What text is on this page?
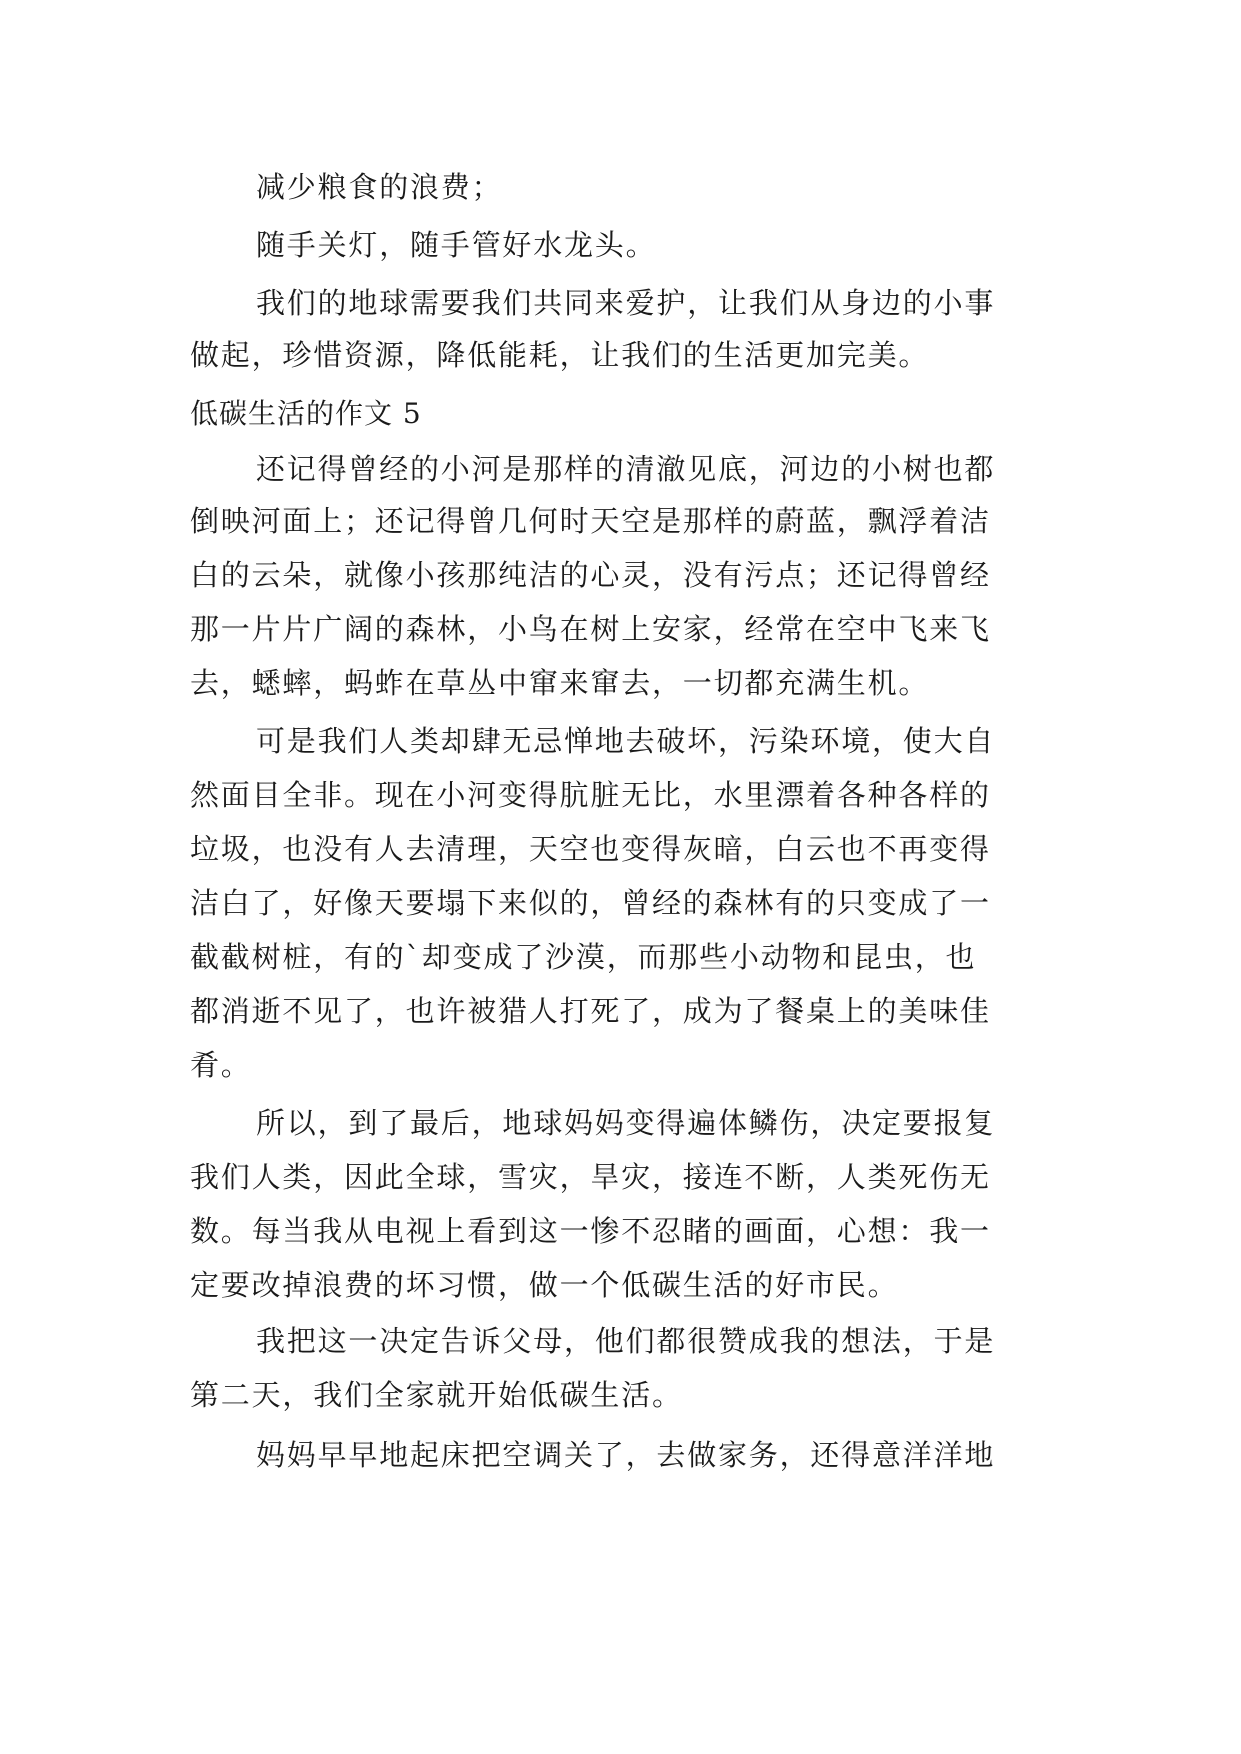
减少粮食的浪费；
随手关灯，随手管好水龙头。
我们的地球需要我们共同来爱护，让我们从身边的小事
做起，珍惜资源，降低能耗，让我们的生活更加完美。
低碳生活的作文 5
还记得曾经的小河是那样的清澈见底，河边的小树也都
倒映河面上；还记得曾几何时天空是那样的蔚蓝，飘浮着洁
白的云朵，就像小孩那纯洁的心灵，没有污点；还记得曾经
那一片片广阔的森林，小鸟在树上安家，经常在空中飞来飞
去，蟋蟀，蚂蚱在草丛中窜来窜去，一切都充满生机。
可是我们人类却肆无忌惮地去破坏，污染环境，使大自
然面目全非。现在小河变得肮脏无比，水里漂着各种各样的
垃圾，也没有人去清理，天空也变得灰暗，白云也不再变得
洁白了，好像天要塌下来似的，曾经的森林有的只变成了一
截截树桩，有的`却变成了沙漠，而那些小动物和昆虫，也
都消逝不见了，也许被猎人打死了，成为了餐桌上的美味佳
肴。
所以，到了最后，地球妈妈变得遍体鳞伤，决定要报复
我们人类，因此全球，雪灾，旱灾，接连不断，人类死伤无
数。每当我从电视上看到这一惨不忍睹的画面，心想：我一
定要改掉浪费的坏习惯，做一个低碳生活的好市民。
我把这一决定告诉父母，他们都很赞成我的想法，于是
第二天，我们全家就开始低碳生活。
妈妈早早地起床把空调关了，去做家务，还得意洋洋地
